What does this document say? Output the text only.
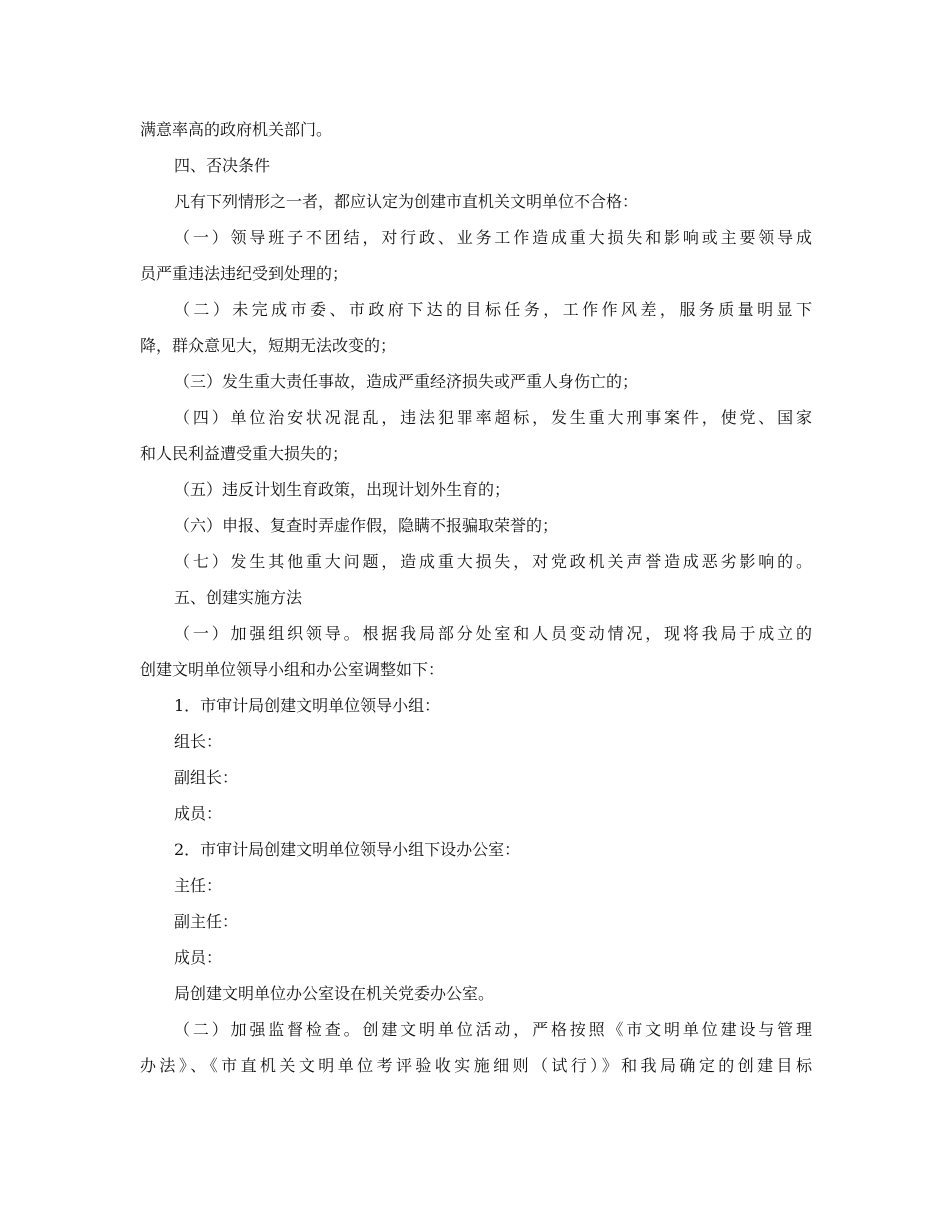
满意率高的政府机关部门。
四、否决条件
凡有下列情形之一者，都应认定为创建市直机关文明单位不合格：
（一）领导班子不团结，对行政、业务工作造成重大损失和影响或主要领导成
员严重违法违纪受到处理的；
（二）未完成市委、市政府下达的目标任务，工作作风差，服务质量明显下
降，群众意见大，短期无法改变的；
（三）发生重大责任事故，造成严重经济损失或严重人身伤亡的；
（四）单位治安状况混乱，违法犯罪率超标，发生重大刑事案件，使党、国家
和人民利益遭受重大损失的；
（五）违反计划生育政策，出现计划外生育的；
（六）申报、复查时弄虚作假，隐瞒不报骗取荣誉的；
（七）发生其他重大问题，造成重大损失，对党政机关声誉造成恶劣影响的。
五、创建实施方法
（一）加强组织领导。根据我局部分处室和人员变动情况，现将我局于成立的
创建文明单位领导小组和办公室调整如下：
1．市审计局创建文明单位领导小组：
组长：
副组长：
成员：
2．市审计局创建文明单位领导小组下设办公室：
主任：
副主任：
成员：
局创建文明单位办公室设在机关党委办公室。
（二）加强监督检查。创建文明单位活动，严格按照《市文明单位建设与管理
办法》、《市直机关文明单位考评验收实施细则（试行）》和我局确定的创建目标
